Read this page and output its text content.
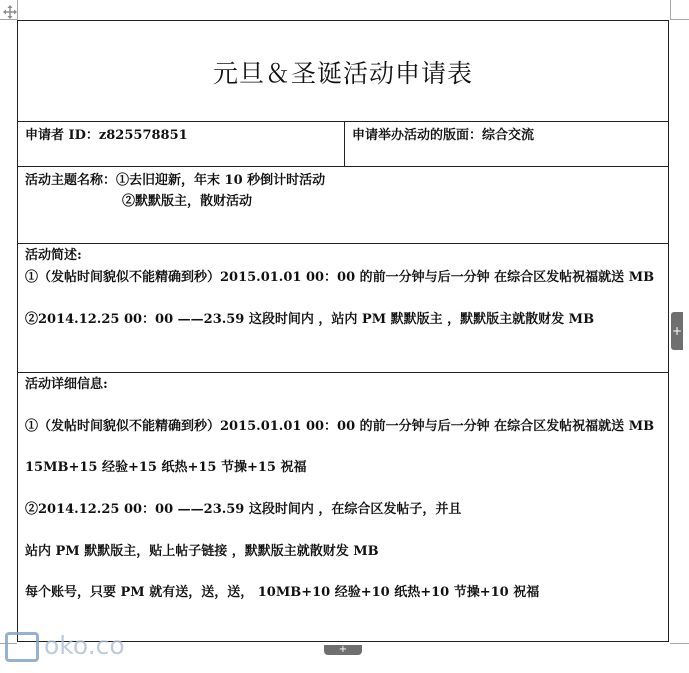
元旦＆圣诞活动申请表
申请者 ID：z825578851	申请举办活动的版面：综合交流
活动主题名称：①去旧迎新，年末 10 秒倒计时活动
②默默版主，散财活动
活动简述:
①（发帖时间貌似不能精确到秒）2015.01.01 00：00 的前一分钟与后一分钟 在综合区发帖祝福就送 MB
②2014.12.25 00：00 ——23.59 这段时间内 ，站内 PM 默默版主 ，默默版主就散财发 MB
活动详细信息:
①（发帖时间貌似不能精确到秒）2015.01.01 00：00 的前一分钟与后一分钟 在综合区发帖祝福就送 MB
15MB+15 经验+15 纸热+15 节操+15 祝福
②2014.12.25 00：00 ——23.59 这段时间内 ，在综合区发帖子，并且
站内 PM 默默版主，贴上帖子链接 ，默默版主就散财发 MB
每个账号，只要 PM 就有送，送，送， 10MB+10 经验+10 纸热+10 节操+10 祝福
+
+
oko.co
